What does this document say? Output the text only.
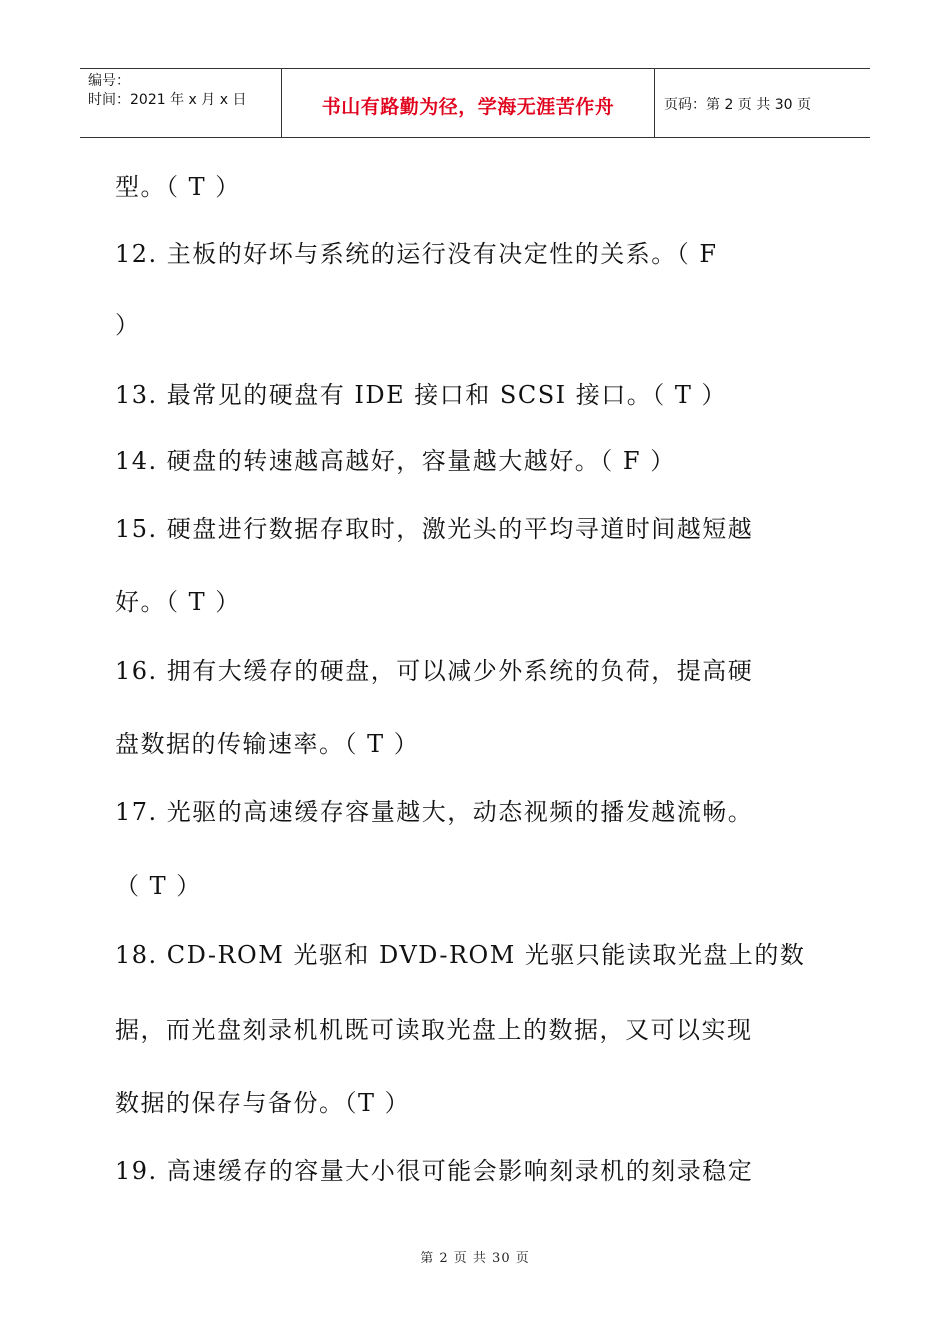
编号：
时间：2021 年 x 月 x 日	书山有路勤为径，学海无涯苦作舟	页码：第 2 页 共 30 页
型。（ T ）
12. 主板的好坏与系统的运行没有决定性的关系。（ F
）
13. 最常见的硬盘有 IDE 接口和 SCSI 接口。（ T ）
14. 硬盘的转速越高越好，容量越大越好。（ F ）
15. 硬盘进行数据存取时，激光头的平均寻道时间越短越
好。（ T ）
16. 拥有大缓存的硬盘，可以减少外系统的负荷，提高硬
盘数据的传输速率。（ T ）
17. 光驱的高速缓存容量越大，动态视频的播发越流畅。
（ T ）
18. CD-ROM 光驱和 DVD-ROM 光驱只能读取光盘上的数
据，而光盘刻录机机既可读取光盘上的数据，又可以实现
数据的保存与备份。（T ）
19. 高速缓存的容量大小很可能会影响刻录机的刻录稳定
第 2 页 共 30 页
